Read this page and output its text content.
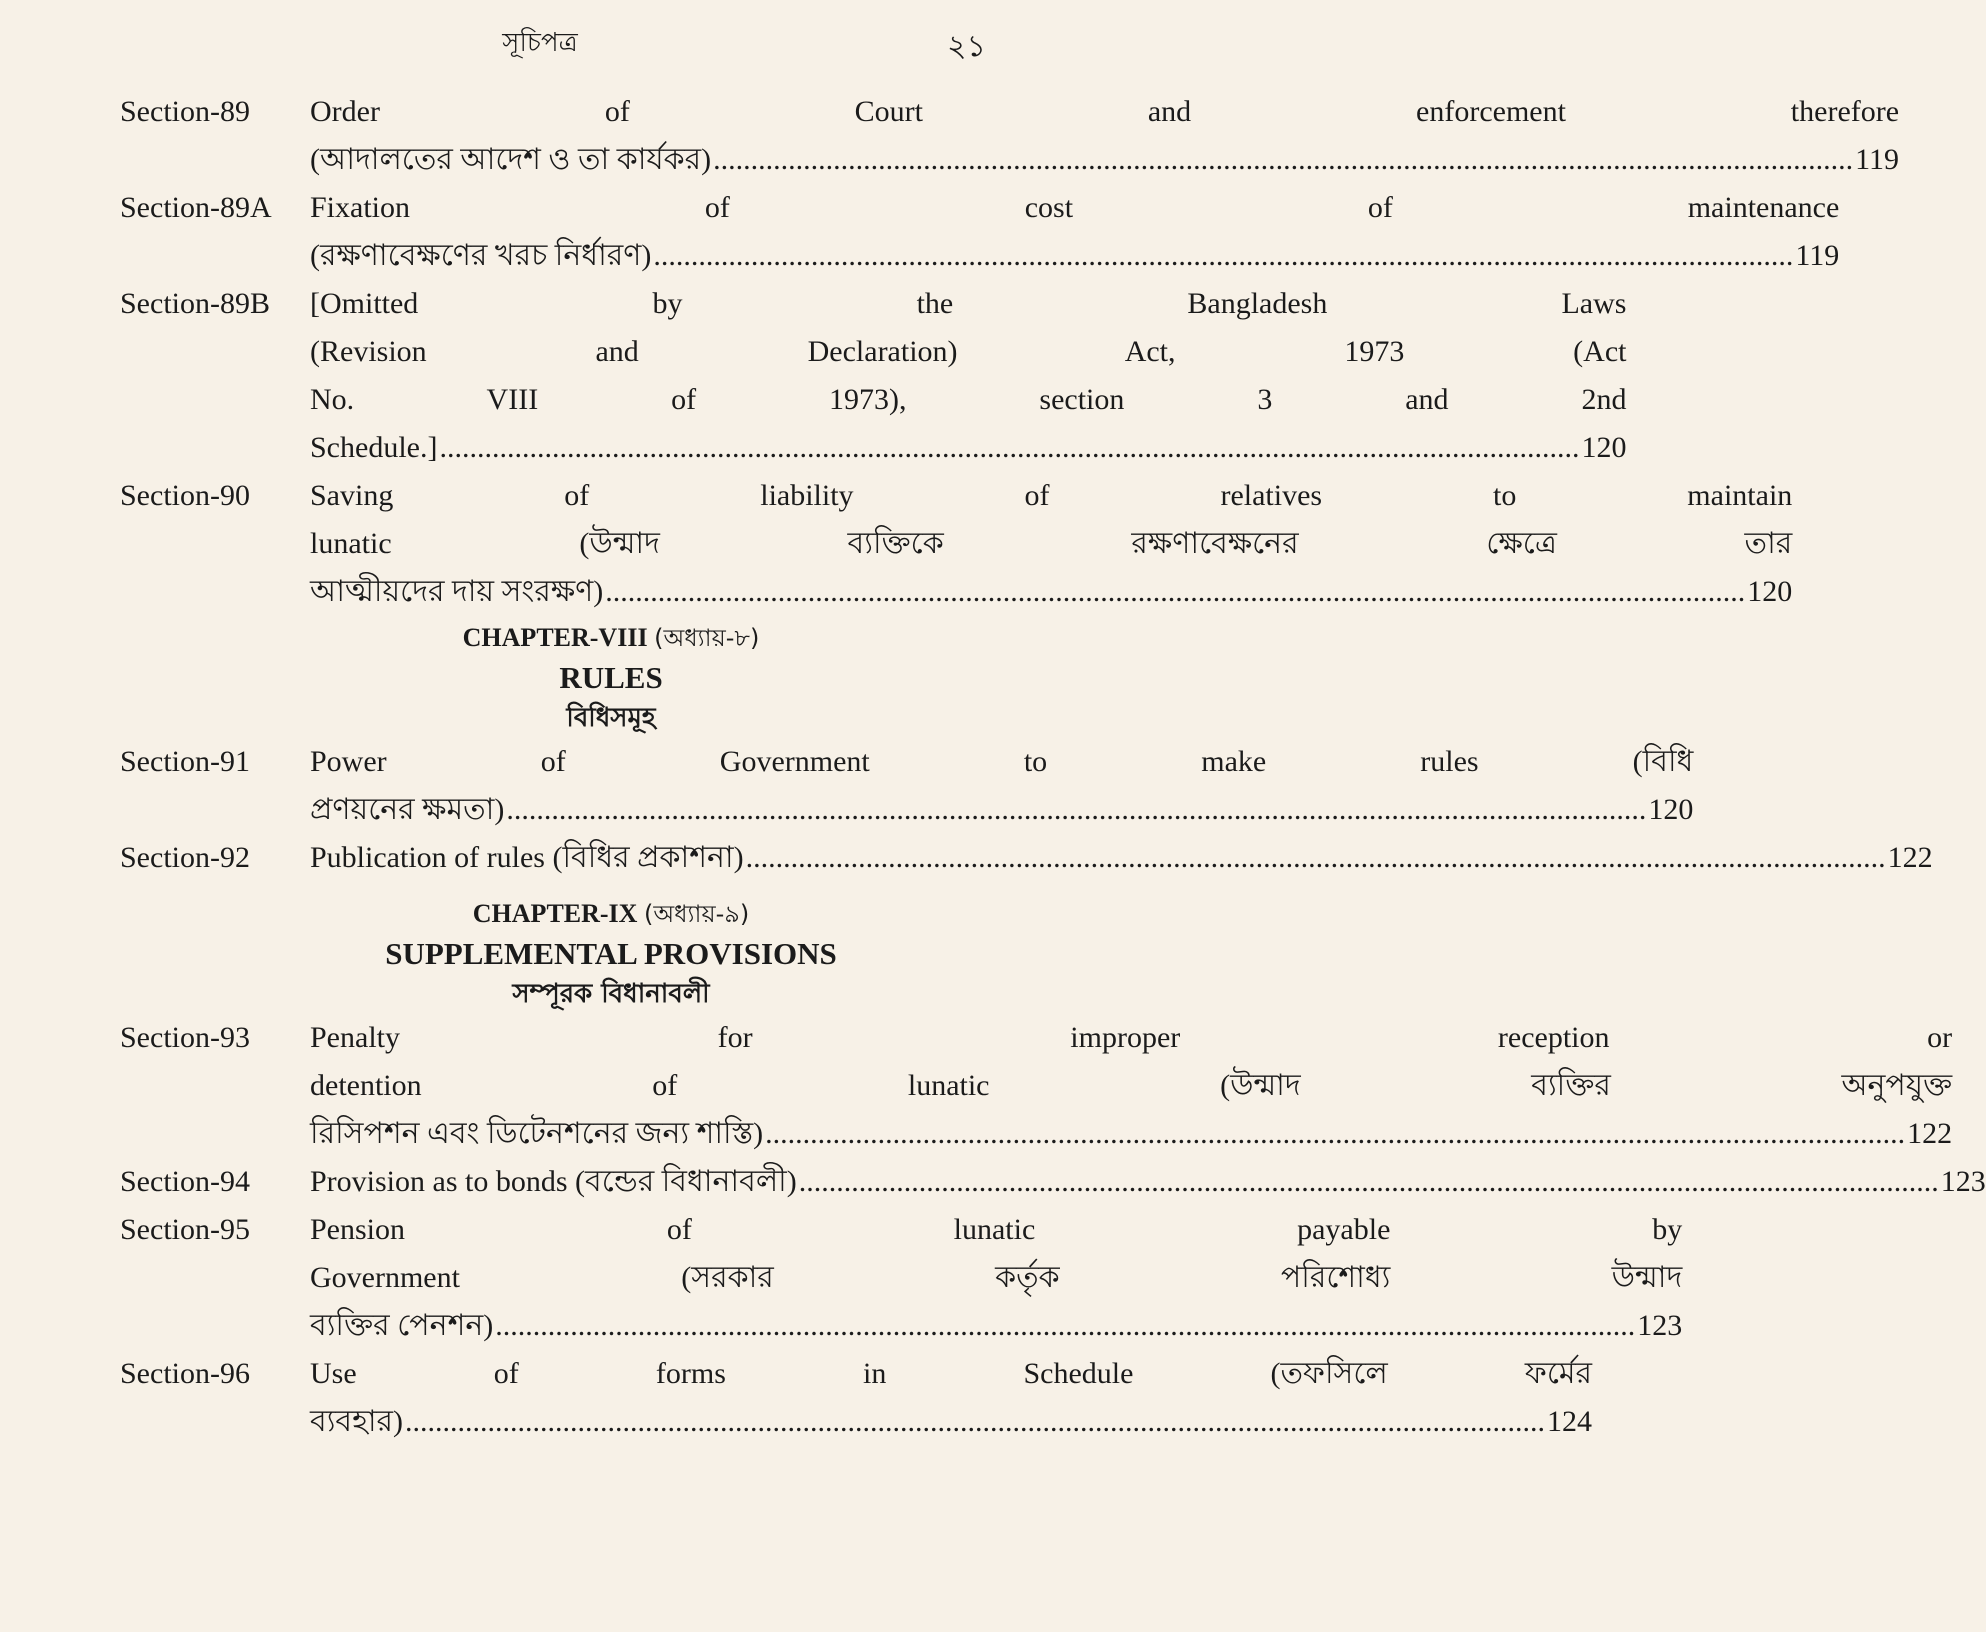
সূচিপত্র	২১
Section-89	Order of Court and enforcement therefore
(আদালতের আদেশ ও তা কার্যকর) .....	119
Section-89A	Fixation of cost of maintenance
(রক্ষণাবেক্ষণের খরচ নির্ধারণ) .....	119
Section-89B	[Omitted by the Bangladesh Laws
(Revision and Declaration) Act, 1973 (Act
No. VIII of 1973), section 3 and 2nd
Schedule.] .....	120
Section-90	Saving of liability of relatives to maintain
lunatic (উন্মাদ ব্যক্তিকে রক্ষণাবেক্ষনের ক্ষেত্রে তার
আত্মীয়দের দায় সংরক্ষণ) .....	120
CHAPTER-VIII (অধ্যায়-৮)
RULES
বিধিসমূহ
Section-91	Power of Government to make rules (বিধি
প্রণয়নের ক্ষমতা) .....	120
Section-92	Publication of rules (বিধির প্রকাশনা) .....	122
CHAPTER-IX (অধ্যায়-৯)
SUPPLEMENTAL PROVISIONS
সম্পূরক বিধানাবলী
Section-93	Penalty for improper reception or
detention of lunatic (উন্মাদ ব্যক্তির অনুপযুক্ত
রিসিপশন এবং ডিটেনশনের জন্য শাস্তি) .....	122
Section-94	Provision as to bonds (বন্ডের বিধানাবলী) .....	123
Section-95	Pension of lunatic payable by
Government (সরকার কর্তৃক পরিশোধ্য উন্মাদ
ব্যক্তির পেনশন) .....	123
Section-96	Use of forms in Schedule (তফসিলে ফর্মের
ব্যবহার) .....	124
